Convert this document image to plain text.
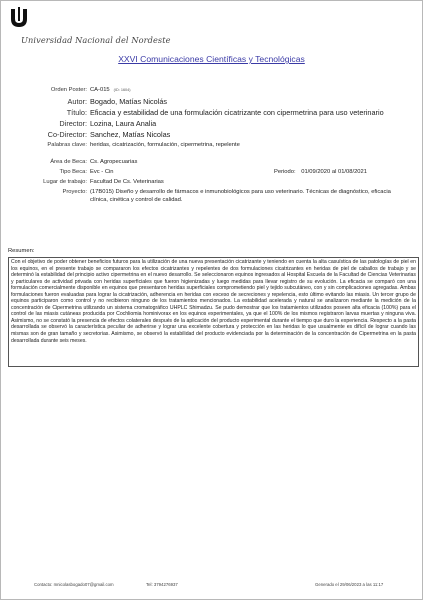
Universidad Nacional del Nordeste
XXVI Comunicaciones Científicas y Tecnológicas
Orden Poster: CA-015 (ID: 1604)
Autor: Bogado, Matías Nicolás
Título: Eficacia y estabilidad de una formulación cicatrizante con cipermetrina para uso veterinario
Director: Lozina, Laura Analia
Co-Director: Sanchez, Matías Nicolas
Palabras clave: heridas, cicatrización, formulación, cipermetrina, repelente
Área de Beca: Cs. Agropecuarias
Tipo Beca: Evc - Cin	Periodo: 01/09/2020 al 01/08/2021
Lugar de trabajo: Facultad De Cs. Veterinarias
Proyecto: (17B015) Diseño y desarrollo de fármacos e inmunobiológicos para uso veterinario. Técnicas de diagnóstico, eficacia clínica, cinética y control de calidad.
Resumen:
Con el objetivo de poder obtener beneficios futuros para la utilización de una nueva presentación cicatrizante y teniendo en cuenta la alta casuística de las patologías de piel en los equinos, en el presente trabajo se compararon los efectos cicatrizantes y repelentes de dos formulaciones cicatrizantes en heridas de piel de caballos de trabajo y se determinó la estabilidad del principio activo cipermetrina en el nuevo desarrollo. Se seleccionaron equinos ingresados al Hospital Escuela de la Facultad de Ciencias Veterinarias y particulares de actividad privada con heridas superficiales que fueron higienizadas y luego medidas para llevar registro de su evolución. La eficacia se comparó con una formulación comercialmente disponible en equinos que presentaron heridas superficiales comprometiendo piel y tejido subcutáneo, con y sin complicaciones agregadas. Ambas formulaciones fueron evaluadas para lograr la cicatrización, adherencia en heridas con exceso de secreciones y repelencia, esto último evitando las miasis. Un tercer grupo de equinos participaron como control y no recibieron ninguno de los tratamientos mencionados. La estabilidad acelerada y natural se analizaron mediante la medición de la concentración de Cipermetrina utilizando un sistema cromatográfico UHPLC Shimadzu. Se pudo demostrar que los tratamientos utilizados poseen alta eficacia (100%) para el control de las miasis cutáneas producida por Cochliomia hominivorax en los equinos experimentales, ya que el 100% de los mismos registraron larvas muertas y ninguna viva. Asimismo, no se constató la presencia de efectos colaterales después de la aplicación del producto experimental durante el tiempo que duro la experiencia. Respecto a la pasta desarrollada se observó la característica peculiar de adherirse y lograr una excelente cobertura y protección en las heridas lo que usualmente es difícil de lograr cuando las mismas son de gran tamaño y secretorias. Asimismo, se observó la estabilidad del producto evidenciada por la determinación de la concentración de Cipermetrina en la pasta desarrollada durante seis meses.
Contacto: mnicolasbogado07@gmail.com	Tel: 3794276937	Generado el 29/06/2023 a las 11:17
